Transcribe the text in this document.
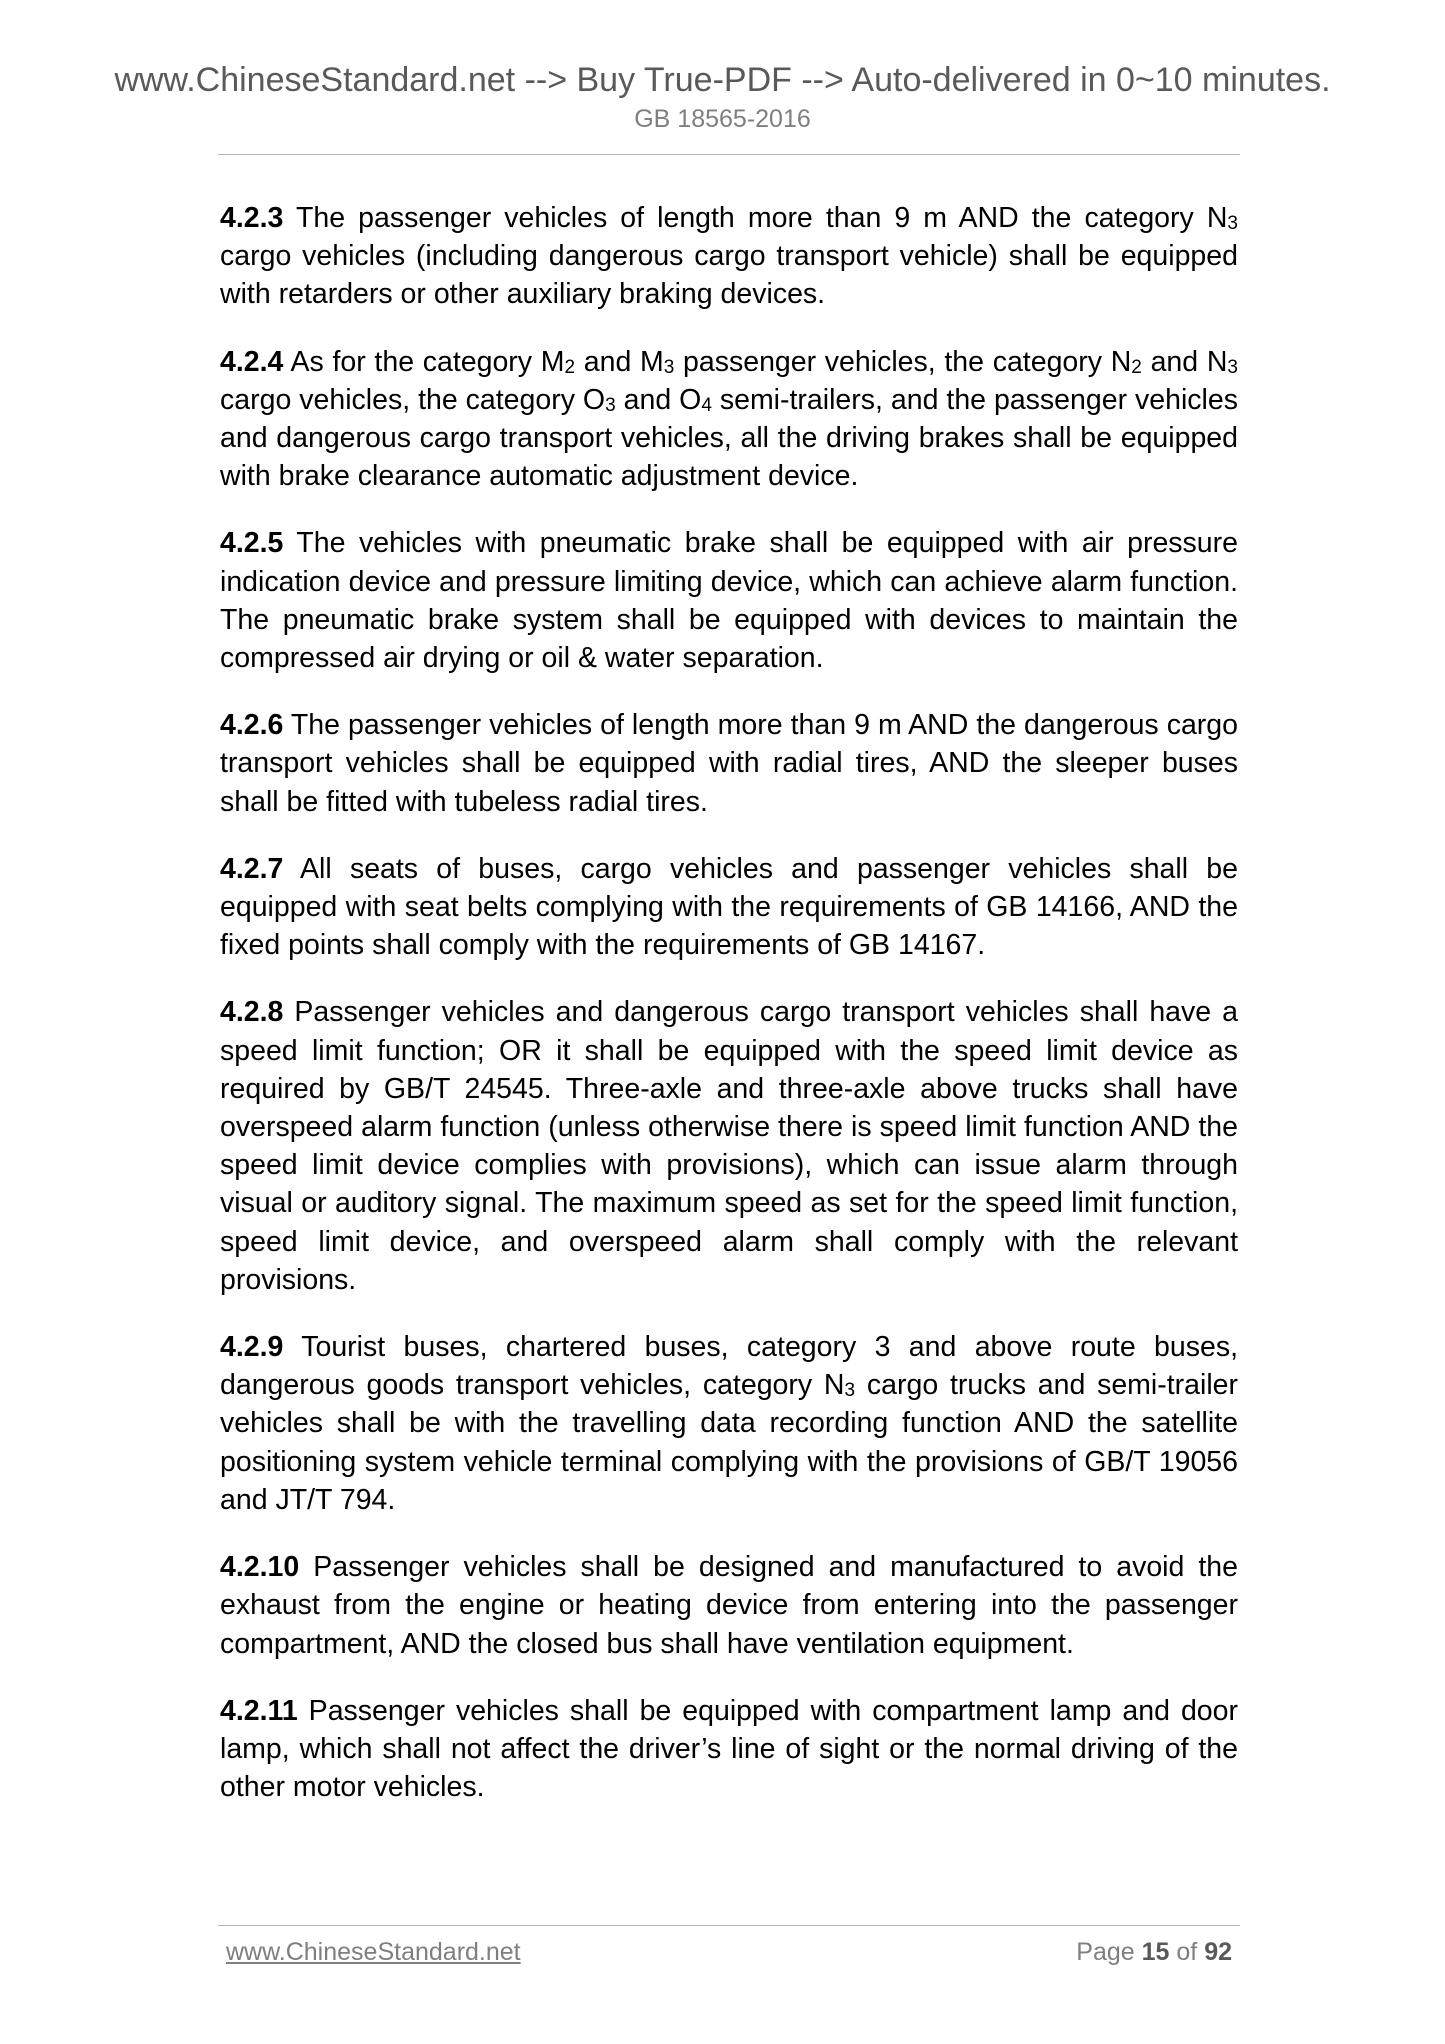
www.ChineseStandard.net --> Buy True-PDF --> Auto-delivered in 0~10 minutes.
GB 18565-2016

4.2.3 The passenger vehicles of length more than 9 m AND the category $N_3$ cargo vehicles (including dangerous cargo transport vehicle) shall be equipped with retarders or other auxiliary braking devices.

4.2.4 As for the category $M_2$ and $M_3$ passenger vehicles, the category $N_2$ and $N_3$ cargo vehicles, the category $O_3$ and $O_4$ semi-trailers, and the passenger vehicles and dangerous cargo transport vehicles, all the driving brakes shall be equipped with brake clearance automatic adjustment device.

4.2.5 The vehicles with pneumatic brake shall be equipped with air pressure indication device and pressure limiting device, which can achieve alarm function. The pneumatic brake system shall be equipped with devices to maintain the compressed air drying or oil & water separation.

4.2.6 The passenger vehicles of length more than 9 m AND the dangerous cargo transport vehicles shall be equipped with radial tires, AND the sleeper buses shall be fitted with tubeless radial tires.

4.2.7 All seats of buses, cargo vehicles and passenger vehicles shall be equipped with seat belts complying with the requirements of GB 14166, AND the fixed points shall comply with the requirements of GB 14167.

4.2.8 Passenger vehicles and dangerous cargo transport vehicles shall have a speed limit function; OR it shall be equipped with the speed limit device as required by GB/T 24545. Three-axle and three-axle above trucks shall have overspeed alarm function (unless otherwise there is speed limit function AND the speed limit device complies with provisions), which can issue alarm through visual or auditory signal. The maximum speed as set for the speed limit function, speed limit device, and overspeed alarm shall comply with the relevant provisions.

4.2.9 Tourist buses, chartered buses, category 3 and above route buses, dangerous goods transport vehicles, category $N_3$ cargo trucks and semi-trailer vehicles shall be with the travelling data recording function AND the satellite positioning system vehicle terminal complying with the provisions of GB/T 19056 and JT/T 794.

4.2.10 Passenger vehicles shall be designed and manufactured to avoid the exhaust from the engine or heating device from entering into the passenger compartment, AND the closed bus shall have ventilation equipment.

4.2.11 Passenger vehicles shall be equipped with compartment lamp and door lamp, which shall not affect the driver’s line of sight or the normal driving of the other motor vehicles.

www.ChineseStandard.net	Page 15 of 92
